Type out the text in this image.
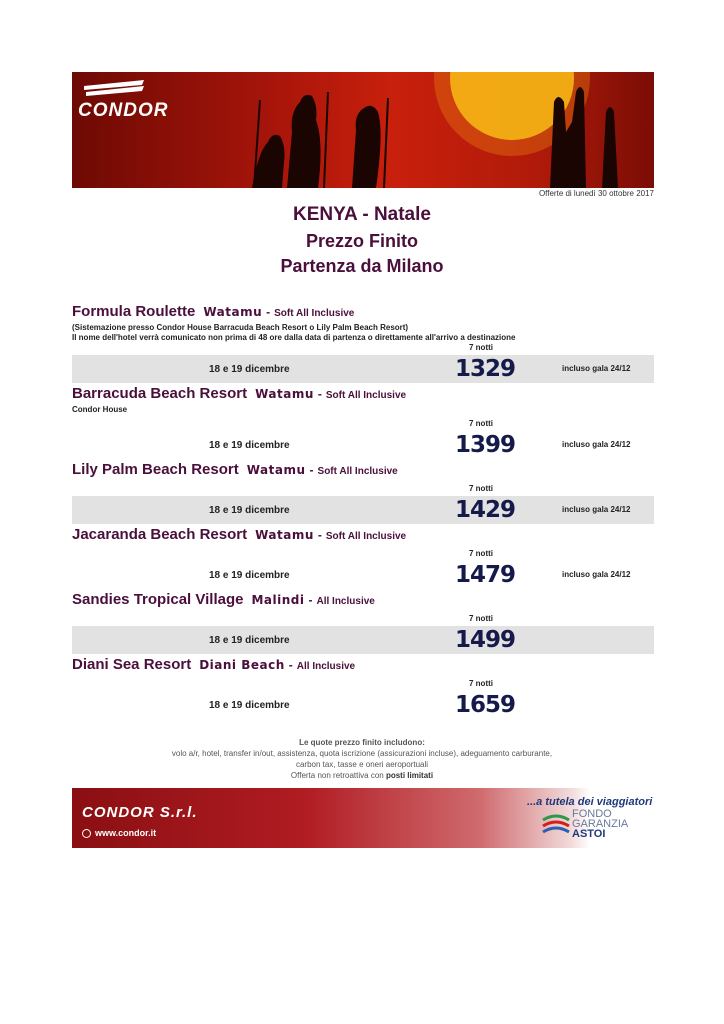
CONDOR
Offerte di lunedì 30 ottobre 2017
KENYA - Natale
Prezzo Finito
Partenza da Milano
Formula Roulette Watamu - Soft All Inclusive
(Sistemazione presso Condor House Barracuda Beach Resort o Lily Palm Beach Resort)
Il nome dell'hotel verrà comunicato non prima di 48 ore dalla data di partenza o direttamente all'arrivo a destinazione
7 notti
18 e 19 dicembre	1329	incluso gala 24/12
Barracuda Beach Resort Watamu - Soft All Inclusive
Condor House
7 notti
18 e 19 dicembre	1399	incluso gala 24/12
Lily Palm Beach Resort Watamu - Soft All Inclusive
7 notti
18 e 19 dicembre	1429	incluso gala 24/12
Jacaranda Beach Resort Watamu - Soft All Inclusive
7 notti
18 e 19 dicembre	1479	incluso gala 24/12
Sandies Tropical Village Malindi - All Inclusive
7 notti
18 e 19 dicembre	1499
Diani Sea Resort Diani Beach - All Inclusive
7 notti
18 e 19 dicembre	1659
Le quote prezzo finito includono:
volo a/r, hotel, transfer in/out, assistenza, quota iscrizione (assicurazioni incluse), adeguamento carburante,
carbon tax, tasse e oneri aeroportuali
Offerta non retroattiva con posti limitati
CONDOR S.r.l.
www.condor.it
...a tutela dei viaggiatori
FONDO
GARANZIA
ASTOI
